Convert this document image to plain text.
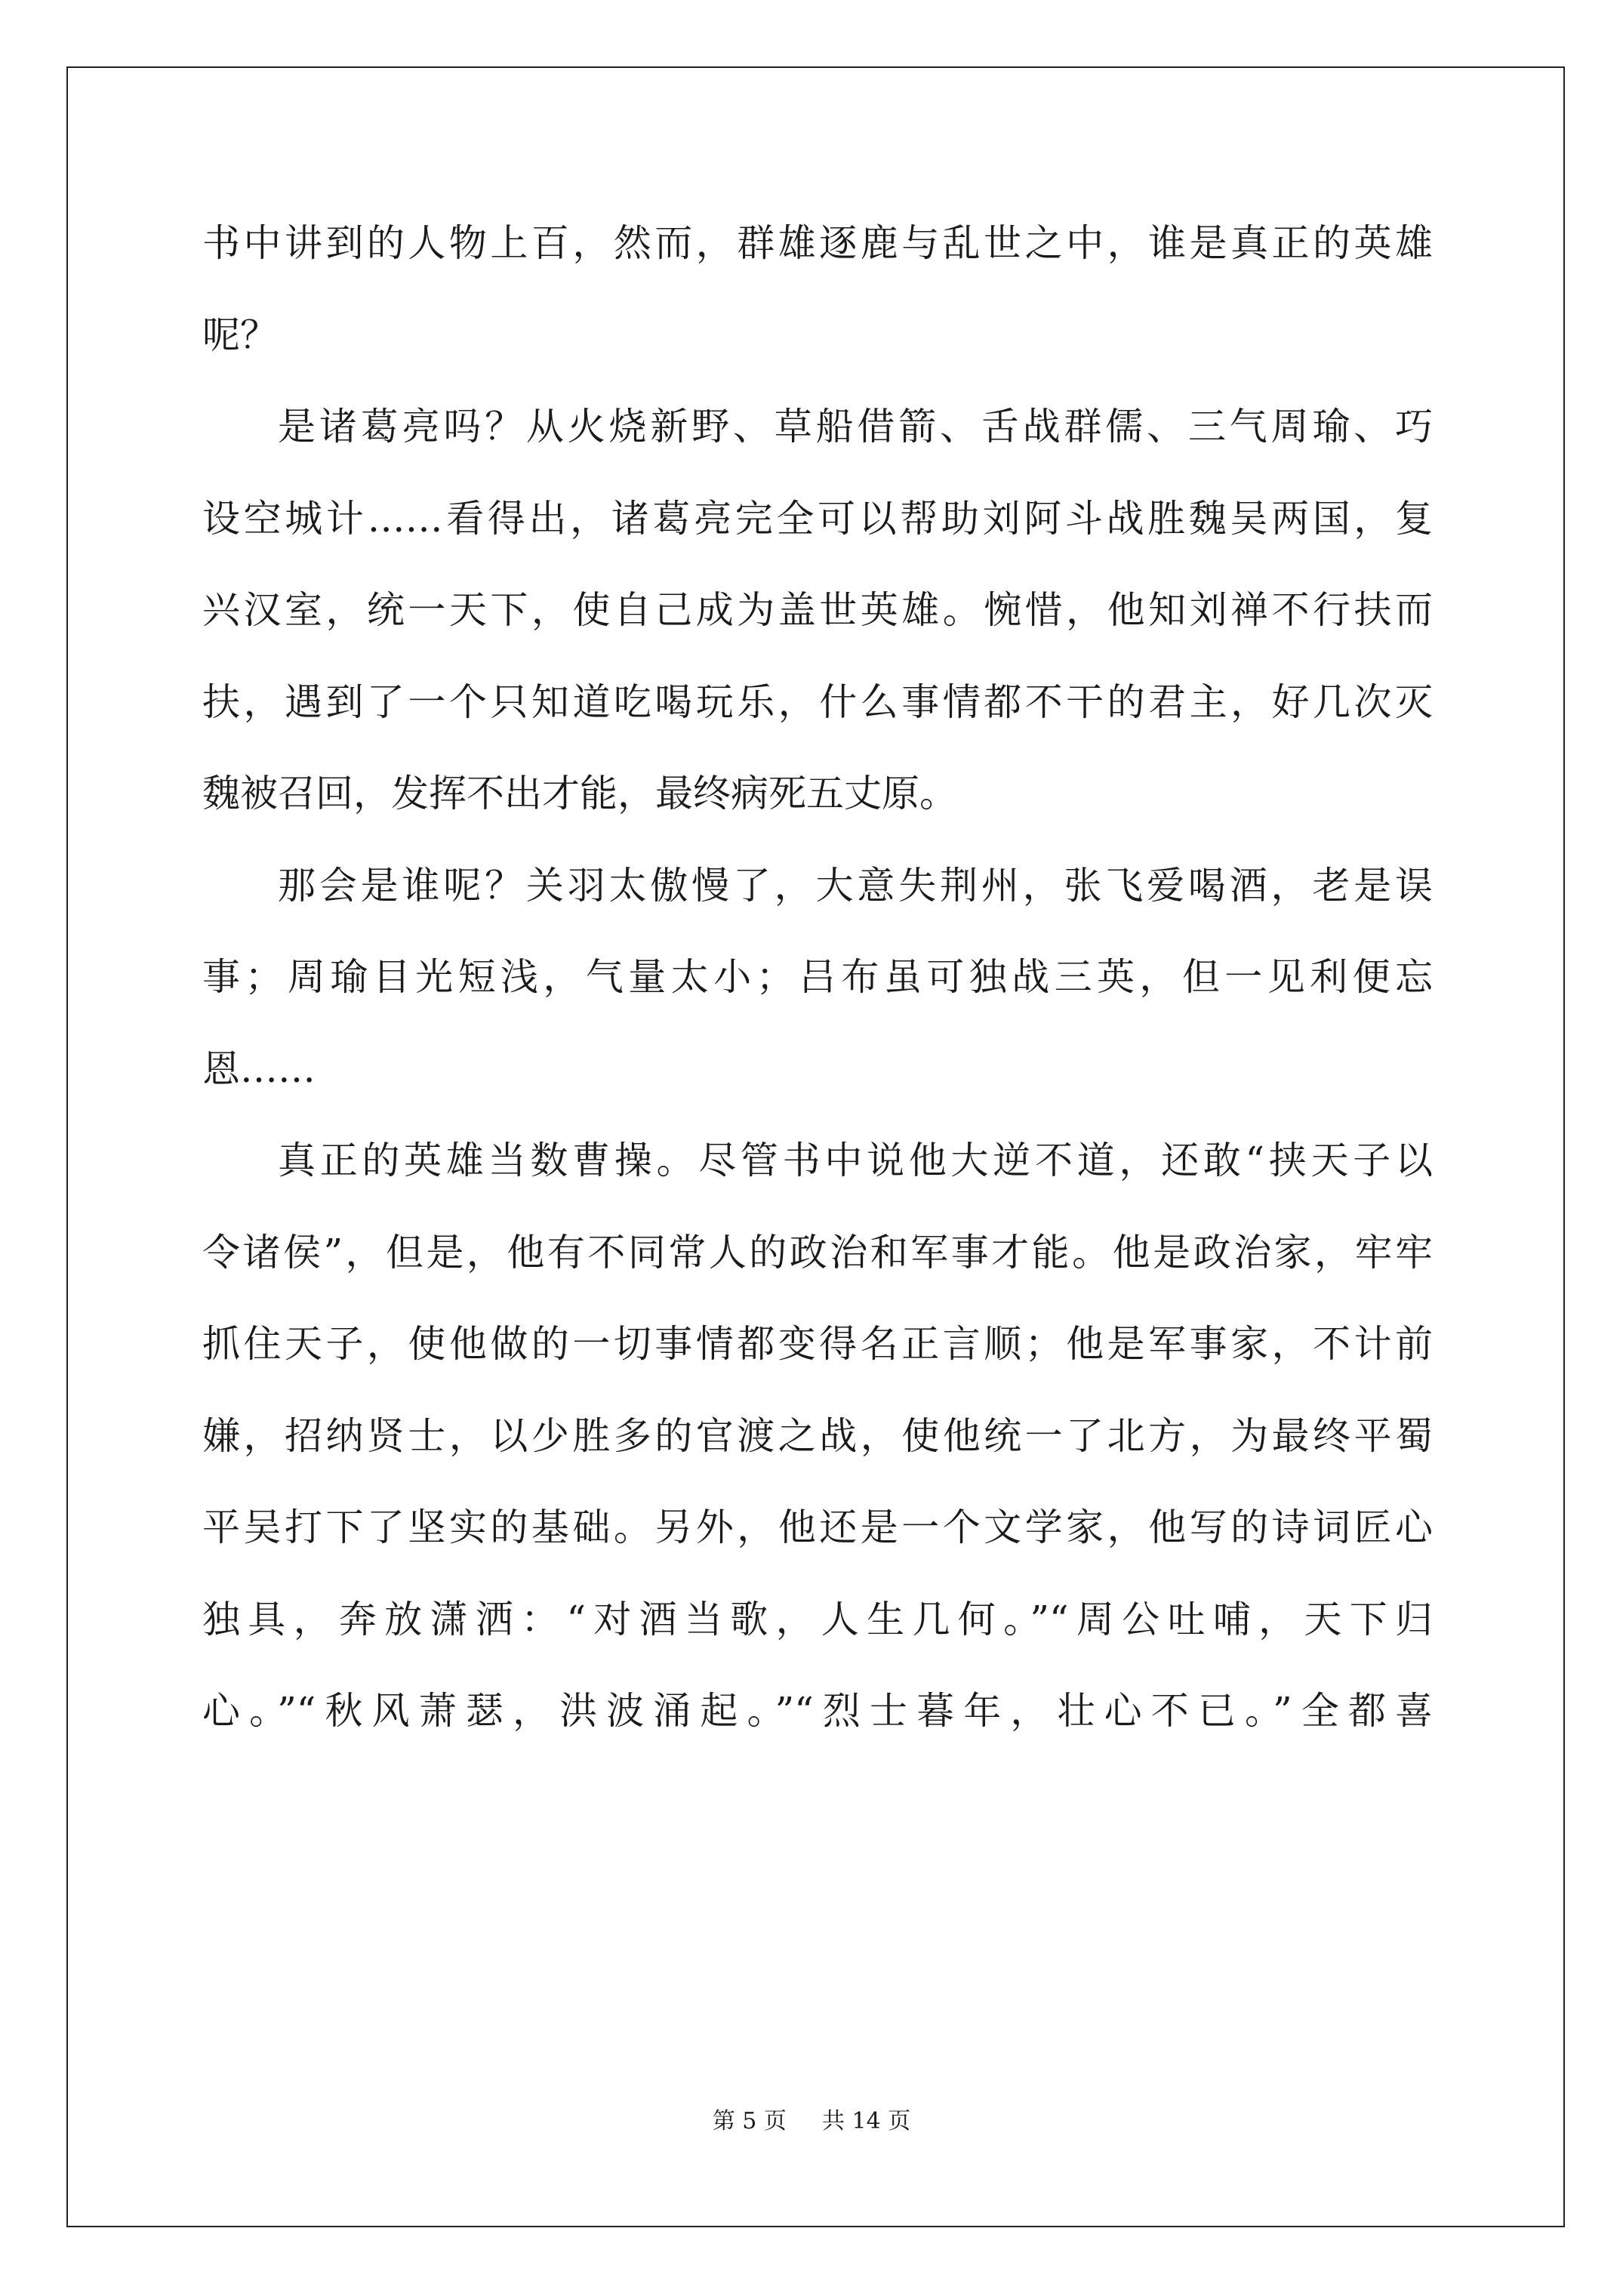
书中讲到的人物上百，然而，群雄逐鹿与乱世之中，谁是真正的英雄
呢？
是诸葛亮吗？从火烧新野、草船借箭、舌战群儒、三气周瑜、巧
设空城计……看得出，诸葛亮完全可以帮助刘阿斗战胜魏吴两国，复
兴汉室，统一天下，使自己成为盖世英雄。惋惜，他知刘禅不行扶而
扶，遇到了一个只知道吃喝玩乐，什么事情都不干的君主，好几次灭
魏被召回，发挥不出才能，最终病死五丈原。
那会是谁呢？关羽太傲慢了，大意失荆州，张飞爱喝酒，老是误
事；周瑜目光短浅，气量太小；吕布虽可独战三英，但一见利便忘
恩……
真正的英雄当数曹操。尽管书中说他大逆不道，还敢“挟天子以
令诸侯”，但是，他有不同常人的政治和军事才能。他是政治家，牢牢
抓住天子，使他做的一切事情都变得名正言顺；他是军事家，不计前
嫌，招纳贤士，以少胜多的官渡之战，使他统一了北方，为最终平蜀
平吴打下了坚实的基础。另外，他还是一个文学家，他写的诗词匠心
独具，奔放潇洒：“对酒当歌，人生几何。”“周公吐哺，天下归
心。”“秋风萧瑟，洪波涌起。”“烈士暮年，壮心不已。”全都喜
第 5 页 共 14 页
